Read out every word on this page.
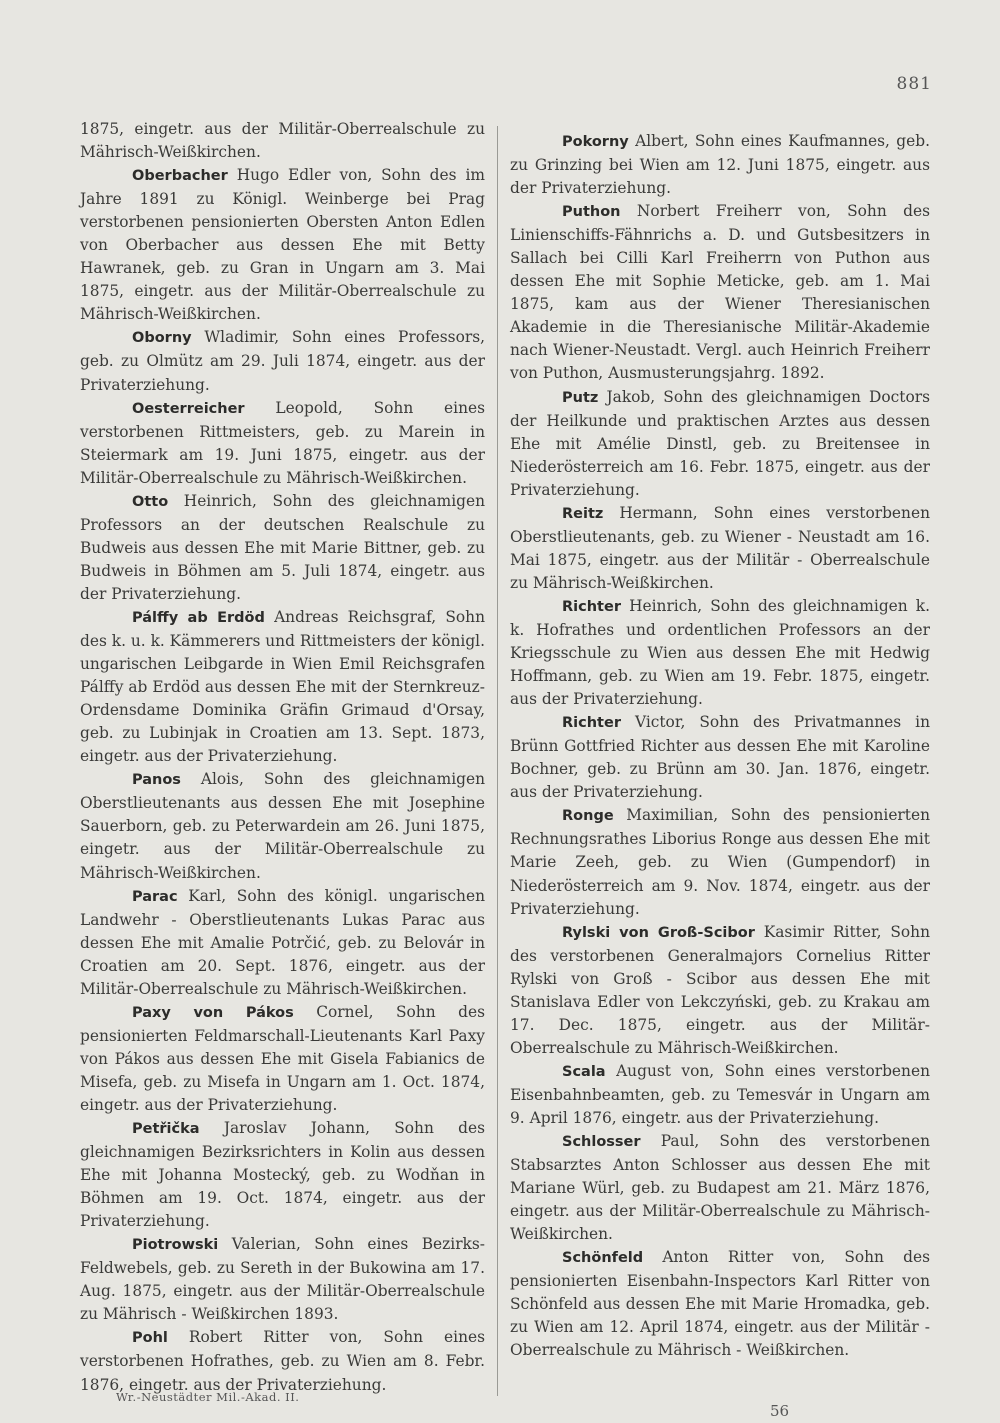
881

1875, eingetr. aus der Militär-Oberrealschule zu Mährisch-Weißkirchen.

Oberbacher Hugo Edler von, Sohn des im Jahre 1891 zu Königl. Weinberge bei Prag verstorbenen pensionierten Obersten Anton Edlen von Oberbacher aus dessen Ehe mit Betty Hawranek, geb. zu Gran in Ungarn am 3. Mai 1875, eingetr. aus der Militär-Oberrealschule zu Mährisch-Weißkirchen.

Oborny Wladimir, Sohn eines Professors, geb. zu Olmütz am 29. Juli 1874, eingetr. aus der Privaterziehung.

Oesterreicher Leopold, Sohn eines verstorbenen Rittmeisters, geb. zu Marein in Steiermark am 19. Juni 1875, eingetr. aus der Militär-Oberrealschule zu Mährisch-Weißkirchen.

Otto Heinrich, Sohn des gleichnamigen Professors an der deutschen Realschule zu Budweis aus dessen Ehe mit Marie Bittner, geb. zu Budweis in Böhmen am 5. Juli 1874, eingetr. aus der Privaterziehung.

Pálffy ab Erdöd Andreas Reichsgraf, Sohn des k. u. k. Kämmerers und Rittmeisters der königl. ungarischen Leibgarde in Wien Emil Reichsgrafen Pálffy ab Erdöd aus dessen Ehe mit der Sternkreuz-Ordensdame Dominika Gräfin Grimaud d'Orsay, geb. zu Lubinjak in Croatien am 13. Sept. 1873, eingetr. aus der Privaterziehung.

Panos Alois, Sohn des gleichnamigen Oberstlieutenants aus dessen Ehe mit Josephine Sauerborn, geb. zu Peterwardein am 26. Juni 1875, eingetr. aus der Militär-Oberrealschule zu Mährisch-Weißkirchen.

Parac Karl, Sohn des königl. ungarischen Landwehr - Oberstlieutenants Lukas Parac aus dessen Ehe mit Amalie Potrčić, geb. zu Belovár in Croatien am 20. Sept. 1876, eingetr. aus der Militär-Oberrealschule zu Mährisch-Weißkirchen.

Paxy von Pákos Cornel, Sohn des pensionierten Feldmarschall-Lieutenants Karl Paxy von Pákos aus dessen Ehe mit Gisela Fabianics de Misefa, geb. zu Misefa in Ungarn am 1. Oct. 1874, eingetr. aus der Privaterziehung.

Petřička Jaroslav Johann, Sohn des gleichnamigen Bezirksrichters in Kolin aus dessen Ehe mit Johanna Mostecký, geb. zu Wodňan in Böhmen am 19. Oct. 1874, eingetr. aus der Privaterziehung.

Piotrowski Valerian, Sohn eines Bezirks-Feldwebels, geb. zu Sereth in der Bukowina am 17. Aug. 1875, eingetr. aus der Militär-Oberrealschule zu Mährisch - Weißkirchen 1893.

Pohl Robert Ritter von, Sohn eines verstorbenen Hofrathes, geb. zu Wien am 8. Febr. 1876, eingetr. aus der Privaterziehung.

Pokorny Albert, Sohn eines Kaufmannes, geb. zu Grinzing bei Wien am 12. Juni 1875, eingetr. aus der Privaterziehung.

Puthon Norbert Freiherr von, Sohn des Linienschiffs-Fähnrichs a. D. und Gutsbesitzers in Sallach bei Cilli Karl Freiherrn von Puthon aus dessen Ehe mit Sophie Meticke, geb. am 1. Mai 1875, kam aus der Wiener Theresianischen Akademie in die Theresianische Militär-Akademie nach Wiener-Neustadt. Vergl. auch Heinrich Freiherr von Puthon, Ausmusterungsjahrg. 1892.

Putz Jakob, Sohn des gleichnamigen Doctors der Heilkunde und praktischen Arztes aus dessen Ehe mit Amélie Dinstl, geb. zu Breitensee in Niederösterreich am 16. Febr. 1875, eingetr. aus der Privaterziehung.

Reitz Hermann, Sohn eines verstorbenen Oberstlieutenants, geb. zu Wiener - Neustadt am 16. Mai 1875, eingetr. aus der Militär - Oberrealschule zu Mährisch-Weißkirchen.

Richter Heinrich, Sohn des gleichnamigen k. k. Hofrathes und ordentlichen Professors an der Kriegsschule zu Wien aus dessen Ehe mit Hedwig Hoffmann, geb. zu Wien am 19. Febr. 1875, eingetr. aus der Privaterziehung.

Richter Victor, Sohn des Privatmannes in Brünn Gottfried Richter aus dessen Ehe mit Karoline Bochner, geb. zu Brünn am 30. Jan. 1876, eingetr. aus der Privaterziehung.

Ronge Maximilian, Sohn des pensionierten Rechnungsrathes Liborius Ronge aus dessen Ehe mit Marie Zeeh, geb. zu Wien (Gumpendorf) in Niederösterreich am 9. Nov. 1874, eingetr. aus der Privaterziehung.

Rylski von Groß-Scibor Kasimir Ritter, Sohn des verstorbenen Generalmajors Cornelius Ritter Rylski von Groß - Scibor aus dessen Ehe mit Stanislava Edler von Lekczyński, geb. zu Krakau am 17. Dec. 1875, eingetr. aus der Militär-Oberrealschule zu Mährisch-Weißkirchen.

Scala August von, Sohn eines verstorbenen Eisenbahnbeamten, geb. zu Temesvár in Ungarn am 9. April 1876, eingetr. aus der Privaterziehung.

Schlosser Paul, Sohn des verstorbenen Stabsarztes Anton Schlosser aus dessen Ehe mit Mariane Würl, geb. zu Budapest am 21. März 1876, eingetr. aus der Militär-Oberrealschule zu Mährisch-Weißkirchen.

Schönfeld Anton Ritter von, Sohn des pensionierten Eisenbahn-Inspectors Karl Ritter von Schönfeld aus dessen Ehe mit Marie Hromadka, geb. zu Wien am 12. April 1874, eingetr. aus der Militär - Oberrealschule zu Mährisch - Weißkirchen.

Wr.-Neustädter Mil.-Akad. II.
56
